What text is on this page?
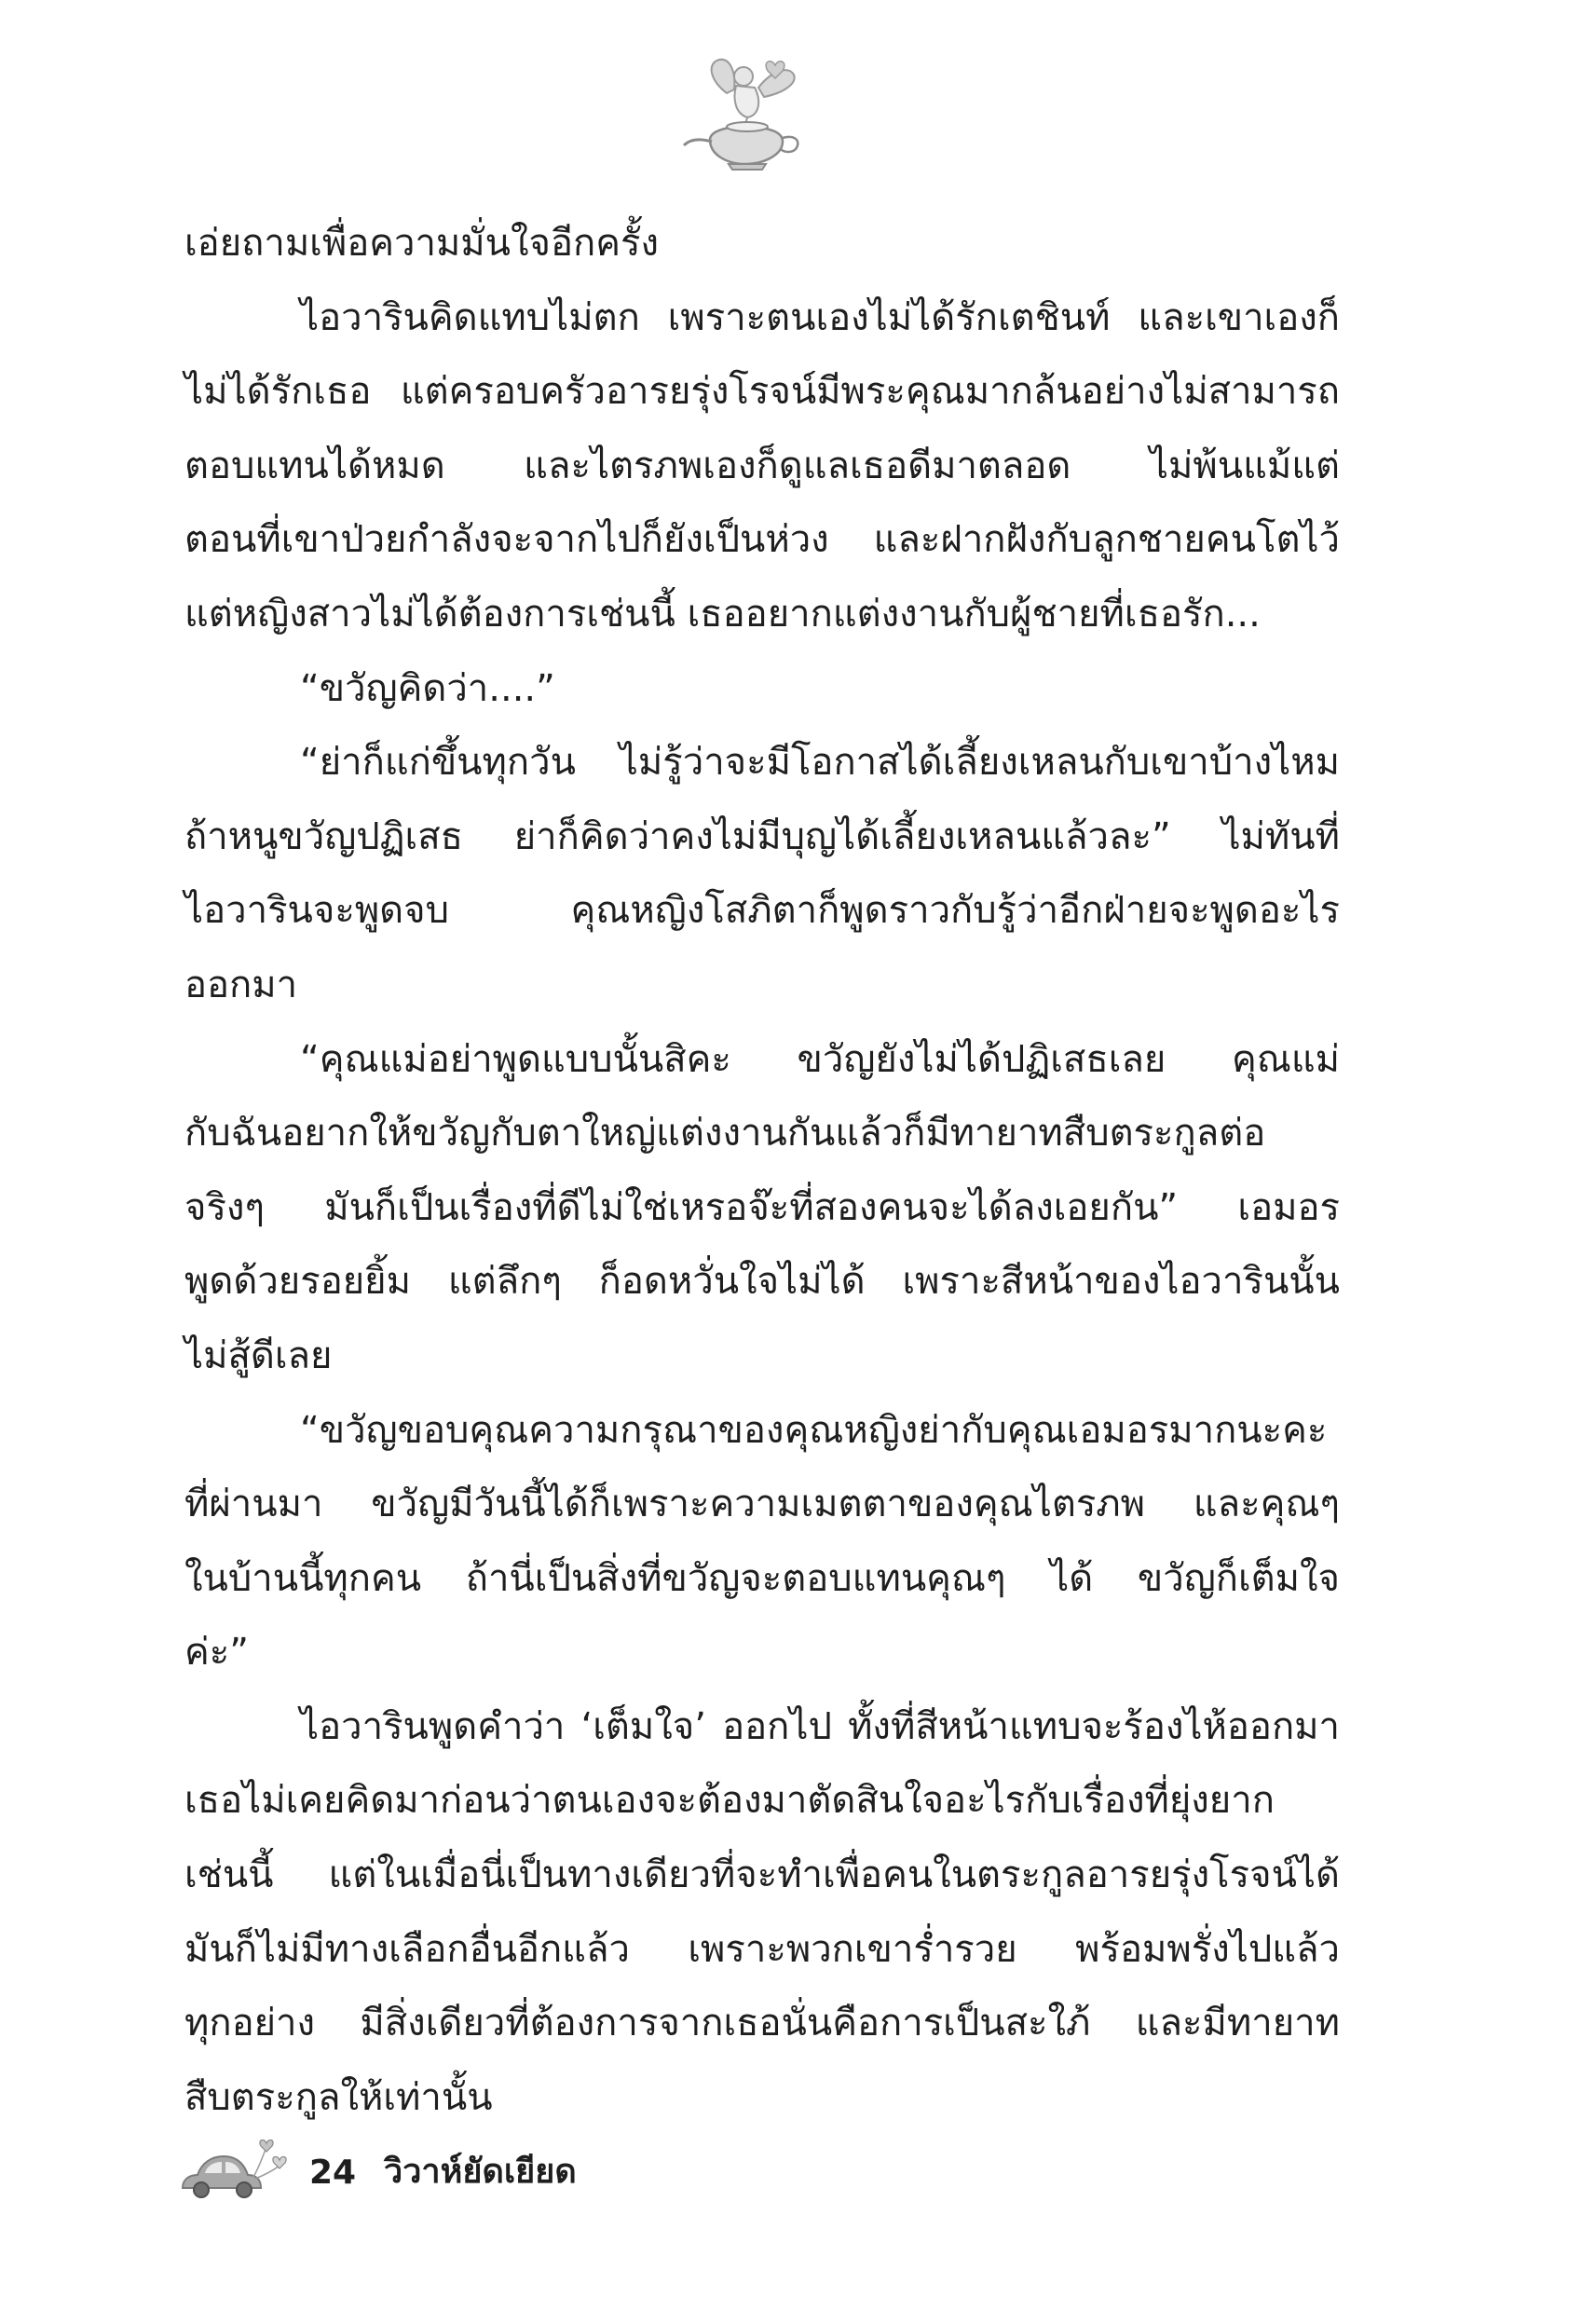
เอ่ยถามเพื่อความมั่นใจอีกครั้ง
ไอวารินคิดแทบไม่ตก เพราะตนเองไม่ได้รักเตชินท์ และเขาเองก็
ไม่ได้รักเธอ แต่ครอบครัวอารยรุ่งโรจน์มีพระคุณมากล้นอย่างไม่สามารถ
ตอบแทนได้หมด และไตรภพเองก็ดูแลเธอดีมาตลอด ไม่พ้นแม้แต่
ตอนที่เขาป่วยกำลังจะจากไปก็ยังเป็นห่วง และฝากฝังกับลูกชายคนโตไว้
แต่หญิงสาวไม่ได้ต้องการเช่นนี้ เธออยากแต่งงานกับผู้ชายที่เธอรัก...
“ขวัญคิดว่า....”
“ย่าก็แก่ขึ้นทุกวัน ไม่รู้ว่าจะมีโอกาสได้เลี้ยงเหลนกับเขาบ้างไหม
ถ้าหนูขวัญปฏิเสธ ย่าก็คิดว่าคงไม่มีบุญได้เลี้ยงเหลนแล้วละ” ไม่ทันที่
ไอวารินจะพูดจบ คุณหญิงโสภิตาก็พูดราวกับรู้ว่าอีกฝ่ายจะพูดอะไร
ออกมา
“คุณแม่อย่าพูดแบบนั้นสิคะ ขวัญยังไม่ได้ปฏิเสธเลย คุณแม่
กับฉันอยากให้ขวัญกับตาใหญ่แต่งงานกันแล้วก็มีทายาทสืบตระกูลต่อ
จริงๆ มันก็เป็นเรื่องที่ดีไม่ใช่เหรอจ๊ะที่สองคนจะได้ลงเอยกัน” เอมอร
พูดด้วยรอยยิ้ม แต่ลึกๆ ก็อดหวั่นใจไม่ได้ เพราะสีหน้าของไอวารินนั้น
ไม่สู้ดีเลย
“ขวัญขอบคุณความกรุณาของคุณหญิงย่ากับคุณเอมอรมากนะคะ
ที่ผ่านมา ขวัญมีวันนี้ได้ก็เพราะความเมตตาของคุณไตรภพ และคุณๆ
ในบ้านนี้ทุกคน ถ้านี่เป็นสิ่งที่ขวัญจะตอบแทนคุณๆ ได้ ขวัญก็เต็มใจ
ค่ะ”
ไอวารินพูดคำว่า ‘เต็มใจ’ ออกไป ทั้งที่สีหน้าแทบจะร้องไห้ออกมา
เธอไม่เคยคิดมาก่อนว่าตนเองจะต้องมาตัดสินใจอะไรกับเรื่องที่ยุ่งยาก
เช่นนี้ แต่ในเมื่อนี่เป็นทางเดียวที่จะทำเพื่อคนในตระกูลอารยรุ่งโรจน์ได้
มันก็ไม่มีทางเลือกอื่นอีกแล้ว เพราะพวกเขาร่ำรวย พร้อมพรั่งไปแล้ว
ทุกอย่าง มีสิ่งเดียวที่ต้องการจากเธอนั่นคือการเป็นสะใภ้ และมีทายาท
สืบตระกูลให้เท่านั้น
24 วิวาห์ยัดเยียด
